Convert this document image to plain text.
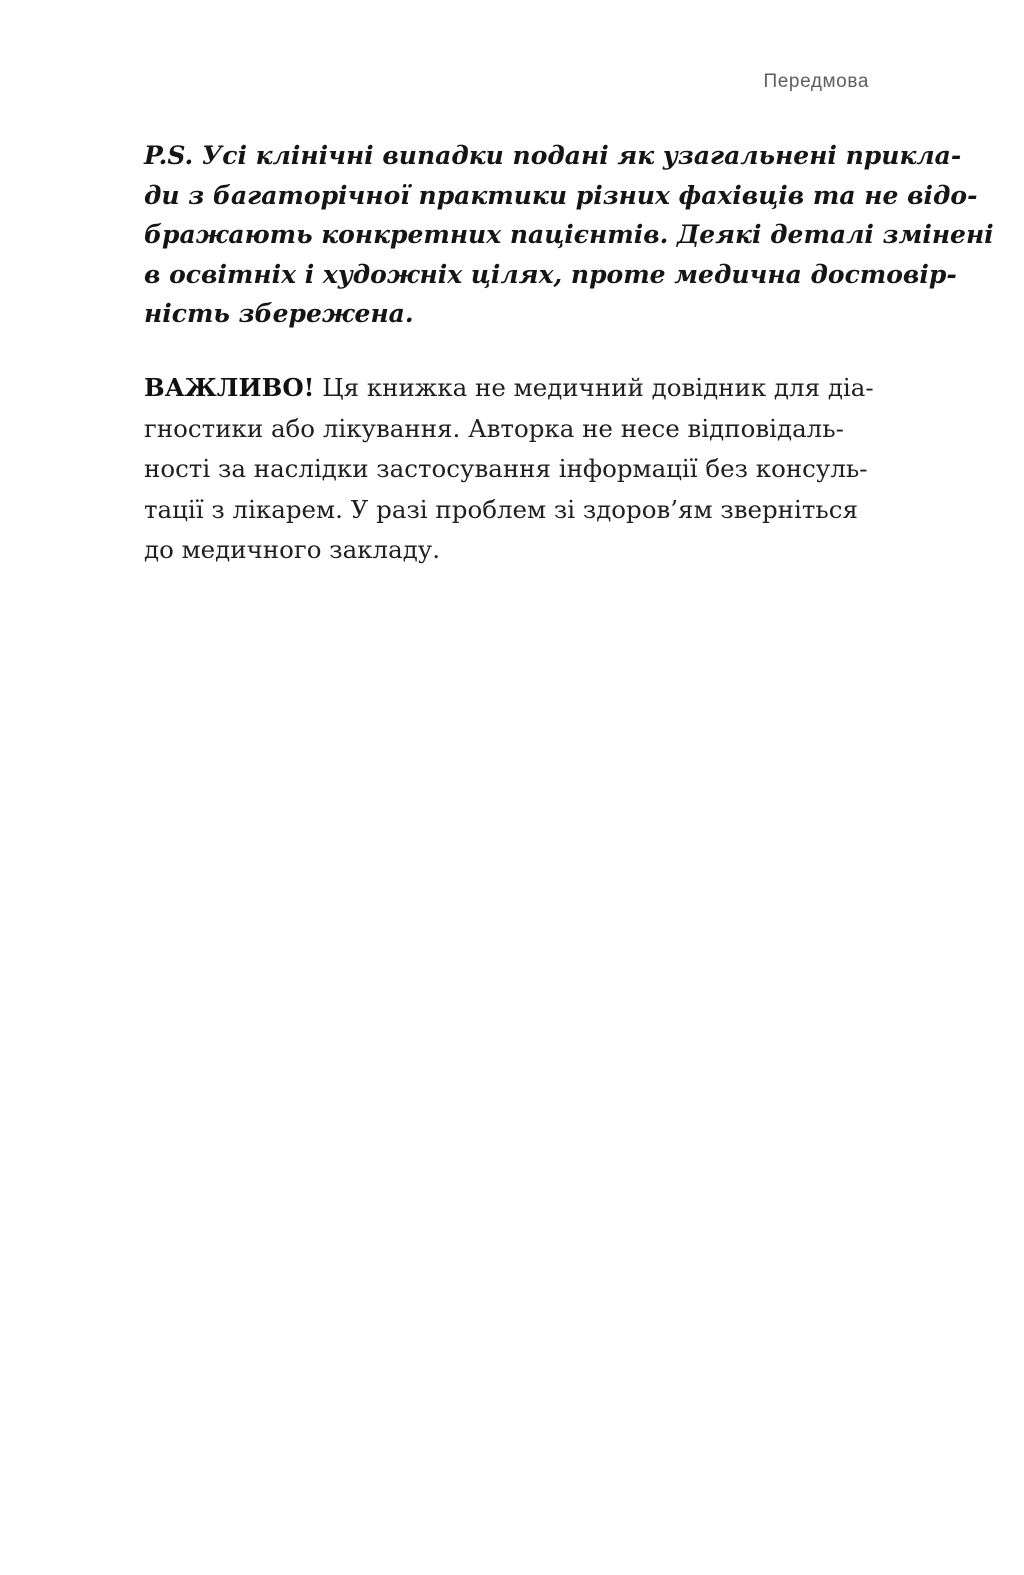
Передмова

P.S. Усі клінічні випадки подані як узагальнені прикла-
ди з багаторічної практики різних фахівців та не відо-
бражають конкретних пацієнтів. Деякі деталі змінені
в освітніх і художніх цілях, проте медична достовір-
ність збережена.

ВАЖЛИВО! Ця книжка не медичний довідник для діа-
гностики або лікування. Авторка не несе відповідаль-
ності за наслідки застосування інформації без консуль-
тації з лікарем. У разі проблем зі здоров’ям зверніться
до медичного закладу.
